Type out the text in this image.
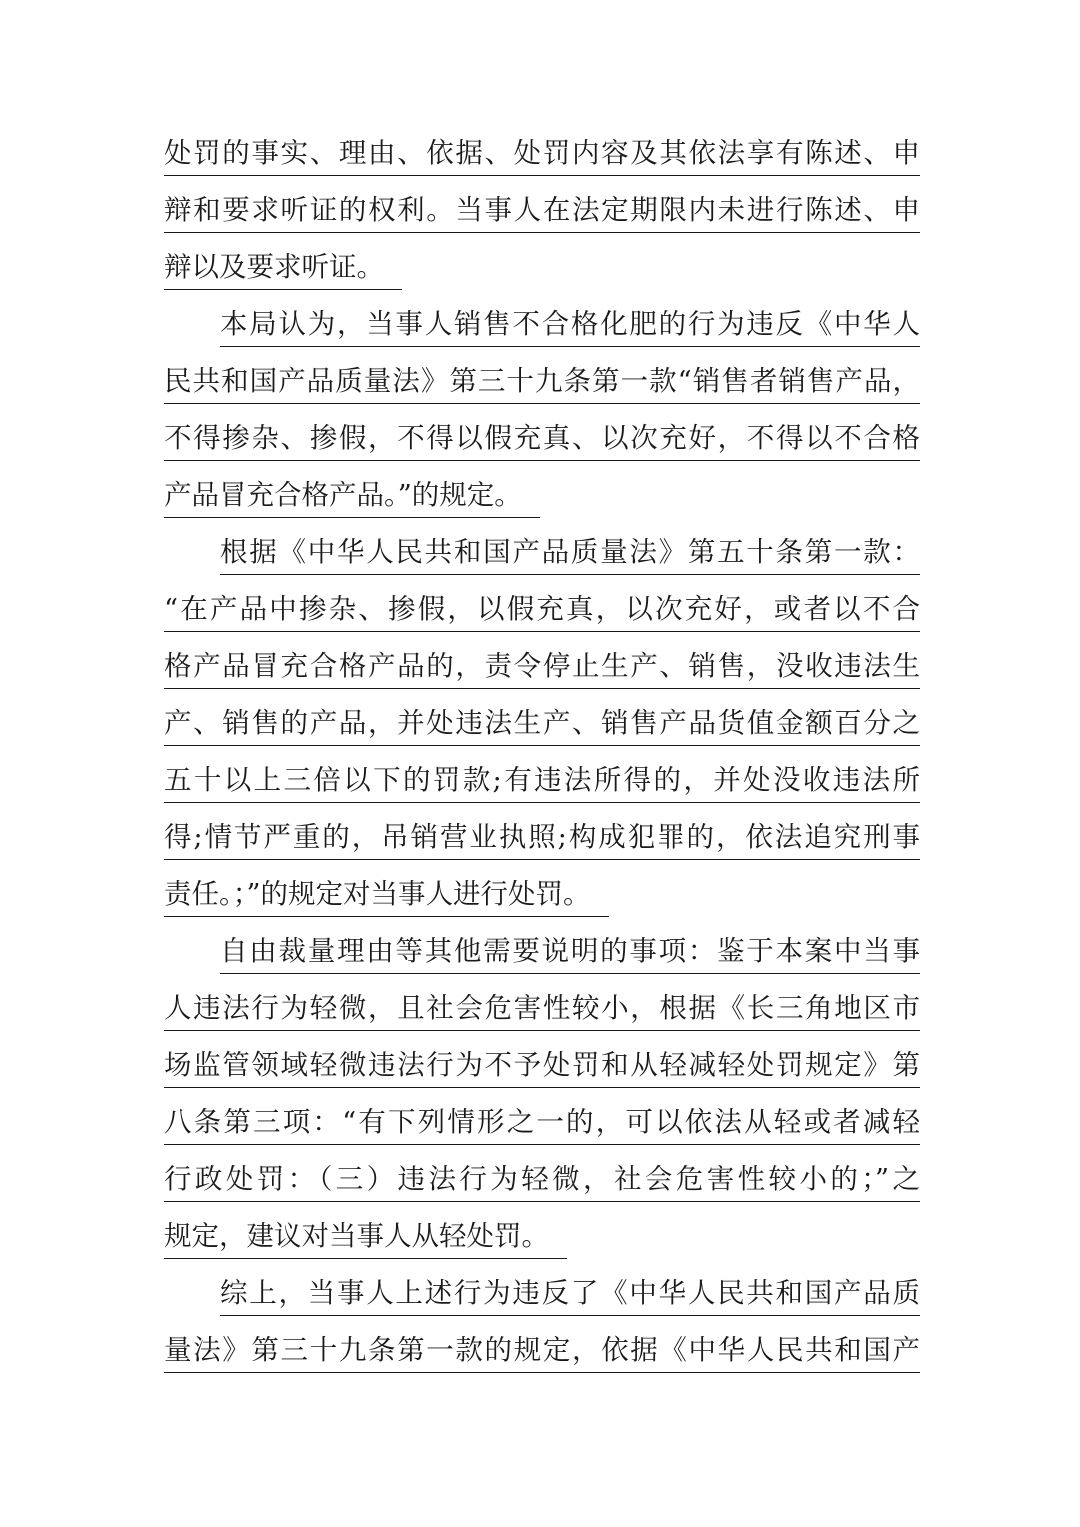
处罚的事实、理由、依据、处罚内容及其依法享有陈述、申
辩和要求听证的权利。当事人在法定期限内未进行陈述、申
辩以及要求听证。
本局认为，当事人销售不合格化肥的行为违反《中华人
民共和国产品质量法》第三十九条第一款“销售者销售产品，
不得掺杂、掺假，不得以假充真、以次充好，不得以不合格
产品冒充合格产品。”的规定。
根据《中华人民共和国产品质量法》第五十条第一款：
“在产品中掺杂、掺假，以假充真，以次充好，或者以不合
格产品冒充合格产品的，责令停止生产、销售，没收违法生
产、销售的产品，并处违法生产、销售产品货值金额百分之
五十以上三倍以下的罚款;有违法所得的，并处没收违法所
得;情节严重的，吊销营业执照;构成犯罪的，依法追究刑事
责任。；”的规定对当事人进行处罚。
自由裁量理由等其他需要说明的事项：鉴于本案中当事
人违法行为轻微，且社会危害性较小，根据《长三角地区市
场监管领域轻微违法行为不予处罚和从轻减轻处罚规定》第
八条第三项：“有下列情形之一的，可以依法从轻或者减轻
行政处罚：（三）违法行为轻微，社会危害性较小的；”之
规定，建议对当事人从轻处罚。
综上，当事人上述行为违反了《中华人民共和国产品质
量法》第三十九条第一款的规定，依据《中华人民共和国产
